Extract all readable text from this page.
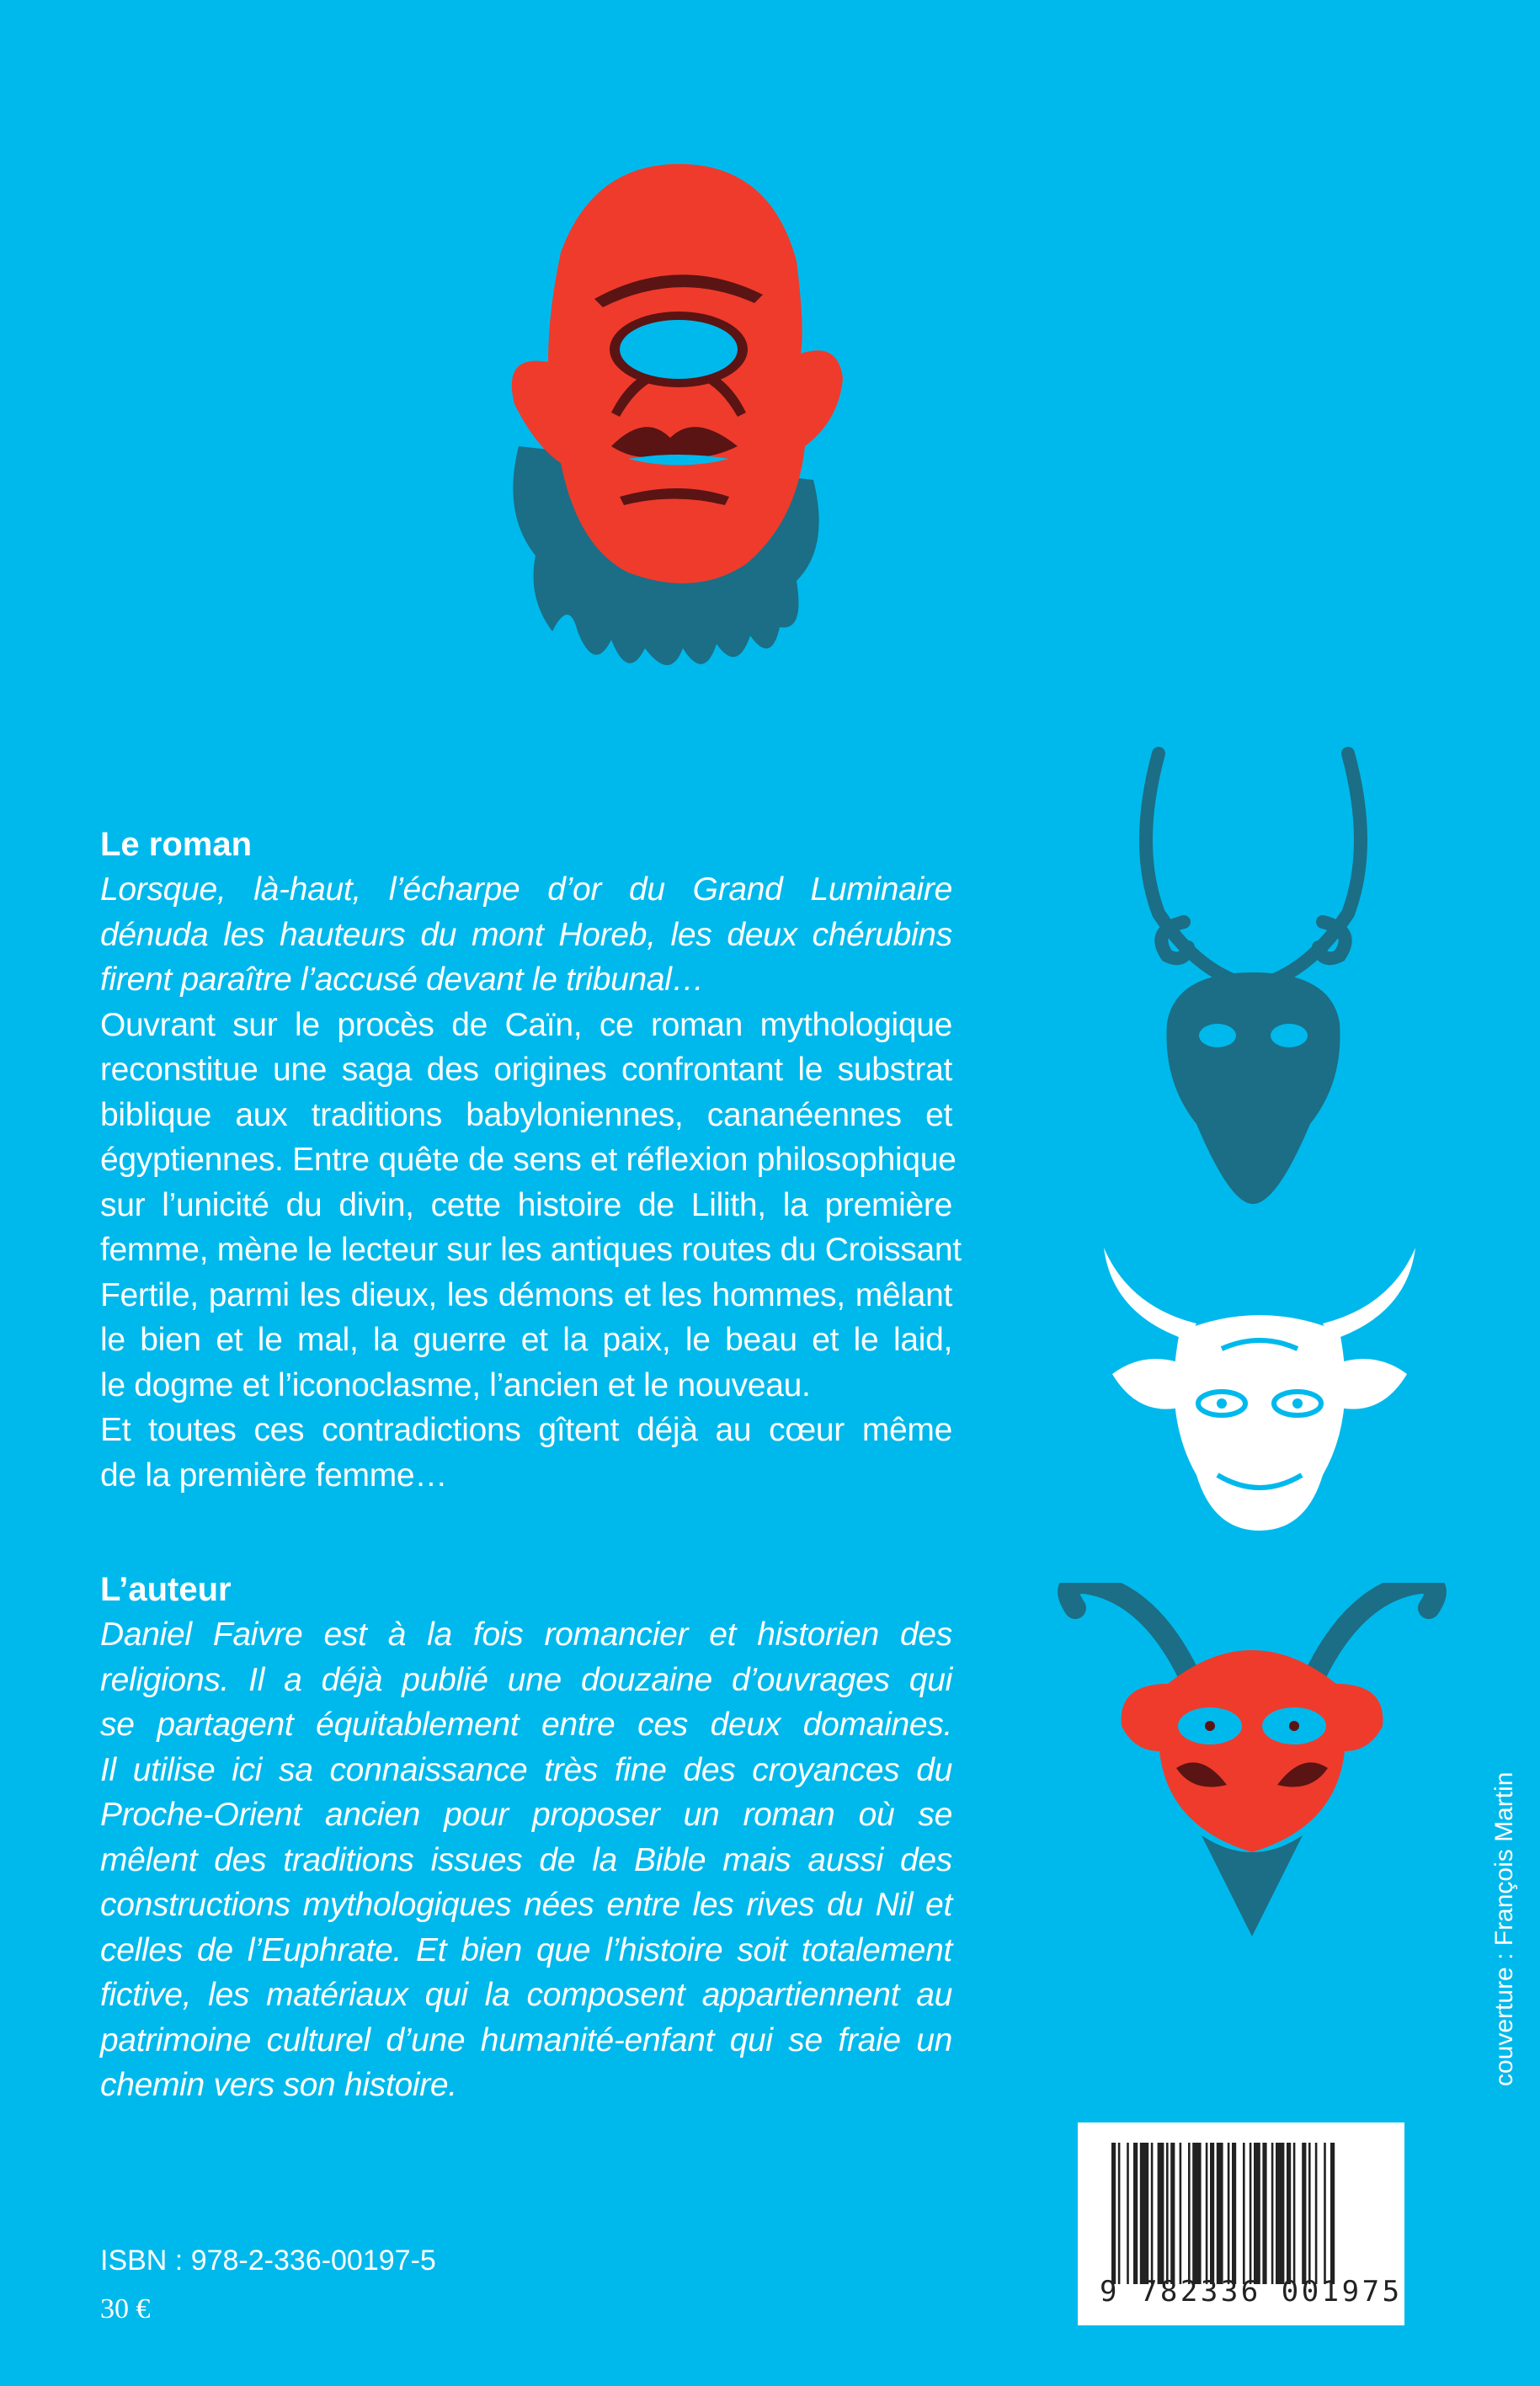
Le roman
Lorsque, là-haut, l’écharpe d’or du Grand Luminaire
dénuda les hauteurs du mont Horeb, les deux chérubins
firent paraître l’accusé devant le tribunal…
Ouvrant sur le procès de Caïn, ce roman mythologique
reconstitue une saga des origines confrontant le substrat
biblique aux traditions babyloniennes, cananéennes et
égyptiennes. Entre quête de sens et réflexion philosophique
sur l’unicité du divin, cette histoire de Lilith, la première
femme, mène le lecteur sur les antiques routes du Croissant
Fertile, parmi les dieux, les démons et les hommes, mêlant
le bien et le mal, la guerre et la paix, le beau et le laid,
le dogme et l’iconoclasme, l’ancien et le nouveau.
Et toutes ces contradictions gîtent déjà au cœur même
de la première femme…
L’auteur
Daniel Faivre est à la fois romancier et historien des
religions. Il a déjà publié une douzaine d’ouvrages qui
se partagent équitablement entre ces deux domaines.
Il utilise ici sa connaissance très fine des croyances du
Proche-Orient ancien pour proposer un roman où se
mêlent des traditions issues de la Bible mais aussi des
constructions mythologiques nées entre les rives du Nil et
celles de l’Euphrate. Et bien que l’histoire soit totalement
fictive, les matériaux qui la composent appartiennent au
patrimoine culturel d’une humanité-enfant qui se fraie un
chemin vers son histoire.
ISBN : 978-2-336-00197-5
30 €
9 782336 001975
couverture : François Martin
